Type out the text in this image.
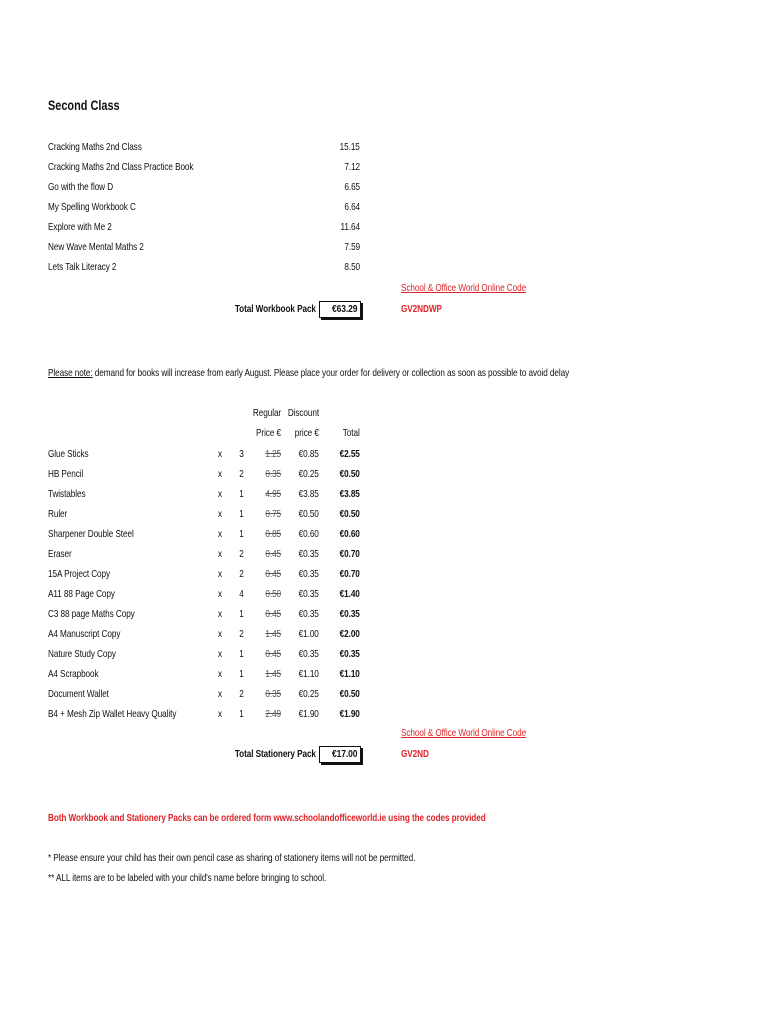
Second Class
Cracking Maths 2nd Class	15.15
Cracking Maths 2nd Class Practice Book	7.12
Go with the flow D	6.65
My Spelling Workbook C	6.64
Explore with Me 2	11.64
New Wave Mental Maths 2	7.59
Lets Talk Literacy 2	8.50
Total Workbook Pack	€63.29
School & Office World Online Code
GV2NDWP
Please note: demand for books will increase from early August. Please place your order for delivery or collection as soon as possible to avoid delay
Regular
Price €
Discount
price € Total
Glue Sticks	x 3 1.25 €0.85 €2.55
HB Pencil	x 2 0.35 €0.25 €0.50
Twistables	x 1 4.95 €3.85 €3.85
Ruler	x 1 0.75 €0.50 €0.50
Sharpener Double Steel	x 1 0.85 €0.60 €0.60
Eraser	x 2 0.45 €0.35 €0.70
15A Project Copy	x 2 0.45 €0.35 €0.70
A11 88 Page Copy	x 4 0.50 €0.35 €1.40
C3 88 page Maths Copy	x 1 0.45 €0.35 €0.35
A4 Manuscript Copy	x 2 1.45 €1.00 €2.00
Nature Study Copy	x 1 0.45 €0.35 €0.35
A4 Scrapbook	x 1 1.45 €1.10 €1.10
Document Wallet	x 2 0.35 €0.25 €0.50
B4 + Mesh Zip Wallet Heavy Quality	x 1 2.49 €1.90 €1.90
Total Stationery Pack	€17.00
School & Office World Online Code
GV2ND
Both Workbook and Stationery Packs can be ordered form www.schoolandofficeworld.ie using the codes provided
* Please ensure your child has their own pencil case as sharing of stationery items will not be permitted.
** ALL items are to be labeled with your child's name before bringing to school.
